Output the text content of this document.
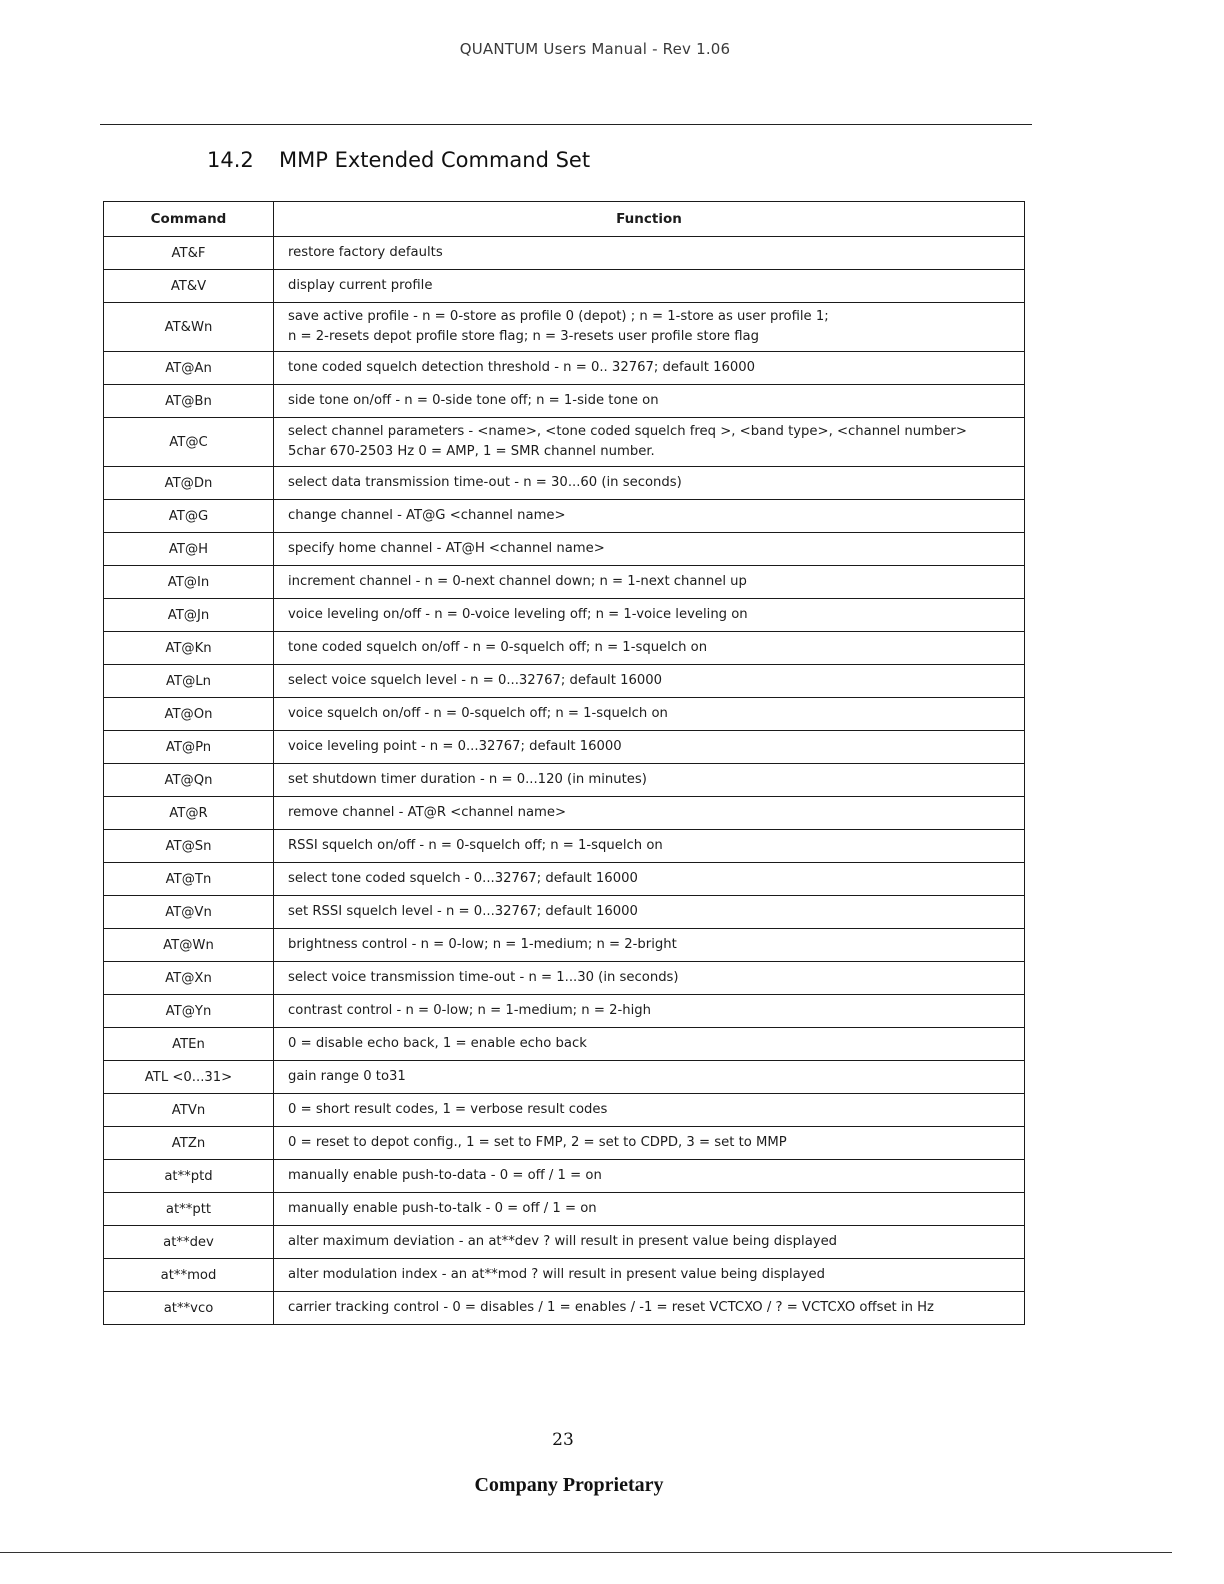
QUANTUM Users Manual - Rev 1.06
14.2 MMP Extended Command Set
Command	Function
AT&F	restore factory defaults

AT&V	display current profile

AT&Wn	save active profile - n = 0-store as profile 0 (depot) ; n = 1-store as user profile 1;
n = 2-resets depot profile store flag; n = 3-resets user profile store flag

AT@An	tone coded squelch detection threshold - n = 0.. 32767; default 16000

AT@Bn	side tone on/off - n = 0-side tone off; n = 1-side tone on

AT@C	select channel parameters - <name>, <tone coded squelch freq >, <band type>, <channel number>
5char 670-2503 Hz 0 = AMP, 1 = SMR channel number.

AT@Dn	select data transmission time-out - n = 30...60 (in seconds)

AT@G	change channel - AT@G <channel name>

AT@H	specify home channel - AT@H <channel name>

AT@In	increment channel - n = 0-next channel down; n = 1-next channel up

AT@Jn	voice leveling on/off - n = 0-voice leveling off; n = 1-voice leveling on

AT@Kn	tone coded squelch on/off - n = 0-squelch off; n = 1-squelch on

AT@Ln	select voice squelch level - n = 0...32767; default 16000

AT@On	voice squelch on/off - n = 0-squelch off; n = 1-squelch on

AT@Pn	voice leveling point - n = 0...32767; default 16000

AT@Qn	set shutdown timer duration - n = 0...120 (in minutes)

AT@R	remove channel - AT@R <channel name>

AT@Sn	RSSI squelch on/off - n = 0-squelch off; n = 1-squelch on

AT@Tn	select tone coded squelch - 0...32767; default 16000

AT@Vn	set RSSI squelch level - n = 0...32767; default 16000

AT@Wn	brightness control - n = 0-low; n = 1-medium; n = 2-bright

AT@Xn	select voice transmission time-out - n = 1...30 (in seconds)

AT@Yn	contrast control - n = 0-low; n = 1-medium; n = 2-high

ATEn	0 = disable echo back, 1 = enable echo back

ATL <0...31>	gain range 0 to31

ATVn	0 = short result codes, 1 = verbose result codes

ATZn	0 = reset to depot config., 1 = set to FMP, 2 = set to CDPD, 3 = set to MMP

at**ptd	manually enable push-to-data - 0 = off / 1 = on

at**ptt	manually enable push-to-talk - 0 = off / 1 = on

at**dev	alter maximum deviation - an at**dev ? will result in present value being displayed

at**mod	alter modulation index - an at**mod ? will result in present value being displayed

at**vco	carrier tracking control - 0 = disables / 1 = enables / -1 = reset VCTCXO / ? = VCTCXO offset in Hz
23
Company Proprietary
